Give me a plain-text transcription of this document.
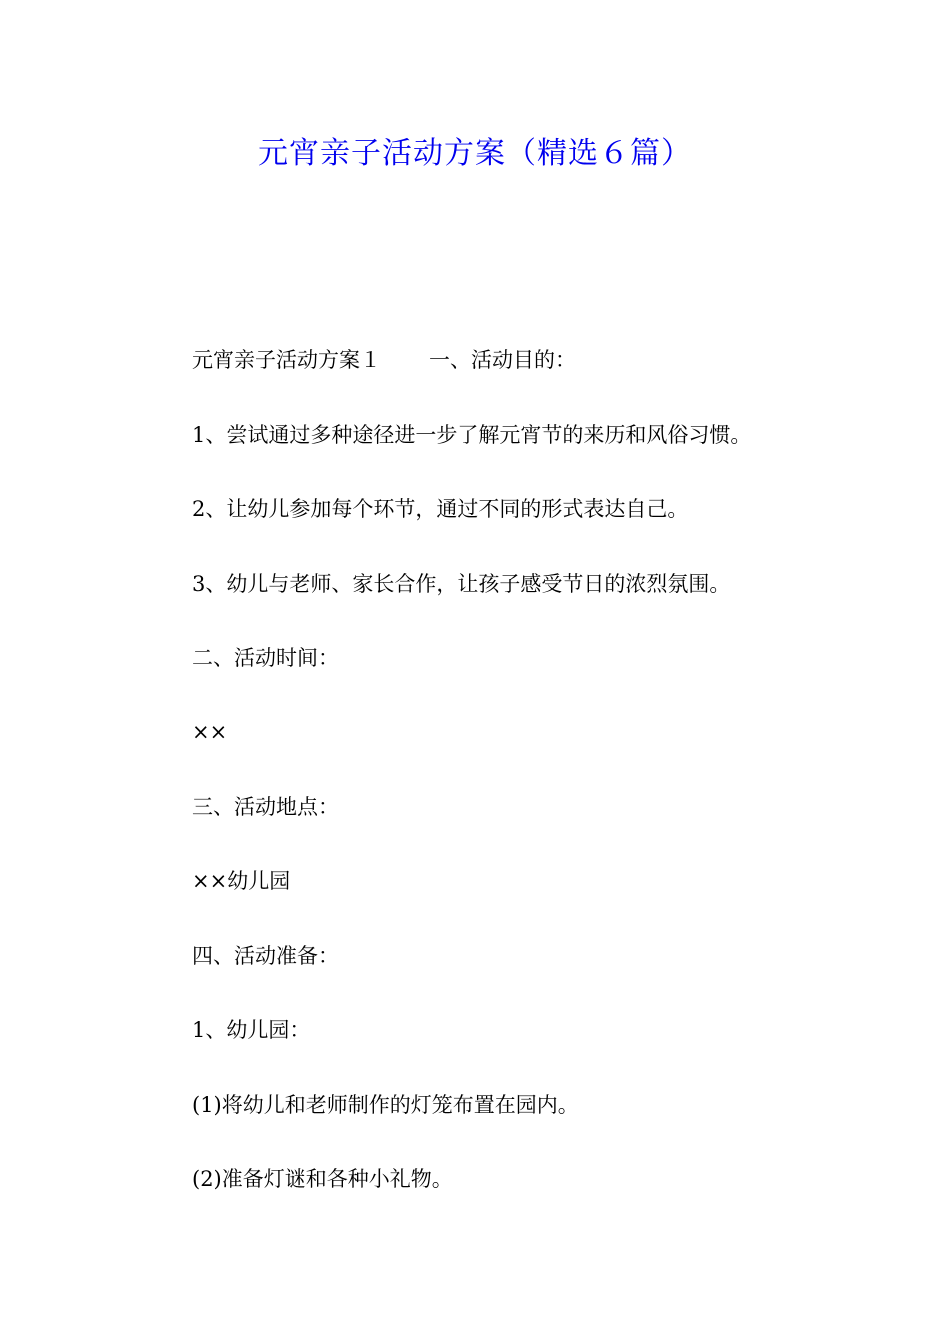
元宵亲子活动方案（精选６篇）

元宵亲子活动方案１ 一、活动目的：

1、尝试通过多种途径进一步了解元宵节的来历和风俗习惯。

2、让幼儿参加每个环节，通过不同的形式表达自己。

3、幼儿与老师、家长合作，让孩子感受节日的浓烈氛围。

二、活动时间：

××

三、活动地点：

××幼儿园

四、活动准备：

1、幼儿园：

(1)将幼儿和老师制作的灯笼布置在园内。

(2)准备灯谜和各种小礼物。
